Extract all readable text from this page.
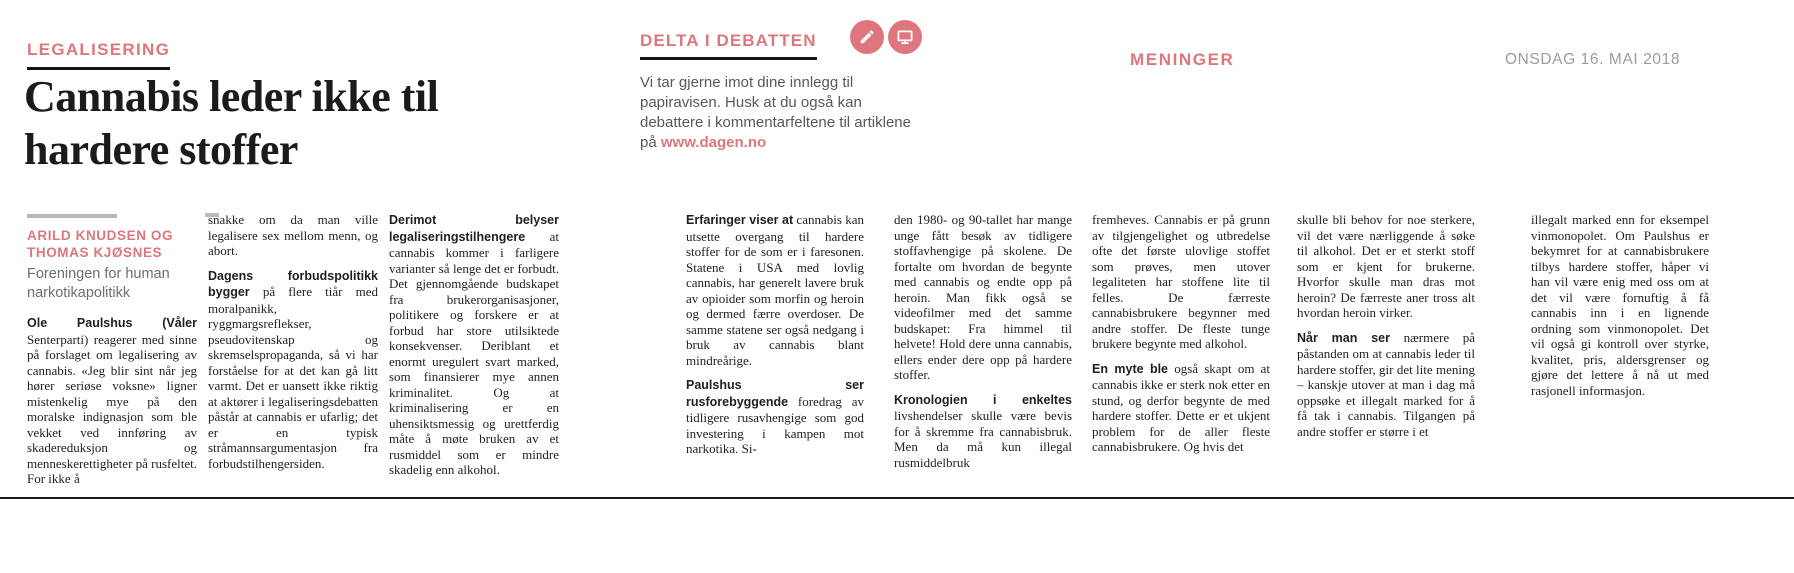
LEGALISERING
Cannabis leder ikke til hardere stoffer
DELTA I DEBATTEN

Vi tar gjerne imot dine innlegg til papiravisen. Husk at du også kan debattere i kommentarfeltene til artiklene på www.dagen.no

MENINGER	ONSDAG 16. MAI 2018
ARILD KNUDSEN OG THOMAS KJØSNES
Foreningen for human narkotikapolitikk

Ole Paulshus (Våler Senterparti) reagerer med sinne på forslaget om legalisering av cannabis. «Jeg blir sint når jeg hører seriøse voksne» ligner mistenkelig mye på den moralske indignasjon som ble vekket ved innføring av skadereduksjon og menneskerettigheter på rusfeltet. For ikke å

snakke om da man ville legalisere sex mellom menn, og abort.

Dagens forbudspolitikk bygger på flere tiår med moralpanikk, ryggmargsreflekser, pseudovitenskap og skremselspropaganda, så vi har forståelse for at det kan gå litt varmt. Det er uansett ikke riktig at aktører i legaliseringsdebatten påstår at cannabis er ufarlig; det er en typisk stråmannsargumentasjon fra forbudstilhengersiden.

Derimot belyser legaliseringstilhengere at cannabis kommer i farligere varianter så lenge det er forbudt. Det gjennomgående budskapet fra brukerorganisasjoner, politikere og forskere er at forbud har store utilsiktede konsekvenser. Deriblant et enormt uregulert svart marked, som finansierer mye annen kriminalitet. Og at kriminalisering er en uhensiktsmessig og urettferdig måte å møte bruken av et rusmiddel som er mindre skadelig enn alkohol.

Erfaringer viser at cannabis kan utsette overgang til hardere stoffer for de som er i faresonen. Statene i USA med lovlig cannabis, har generelt lavere bruk av opioider som morfin og heroin og dermed færre overdoser. De samme statene ser også nedgang i bruk av cannabis blant mindreårige.

Paulshus ser rusforebyggende foredrag av tidligere rusavhengige som god investering i kampen mot narkotika. Si-

den 1980- og 90-tallet har mange unge fått besøk av tidligere stoffavhengige på skolene. De fortalte om hvordan de begynte med cannabis og endte opp på heroin. Man fikk også se videofilmer med det samme budskapet: Fra himmel til helvete! Hold dere unna cannabis, ellers ender dere opp på hardere stoffer.

Kronologien i enkeltes livshendelser skulle være bevis for å skremme fra cannabisbruk. Men da må kun illegal rusmiddelbruk

fremheves. Cannabis er på grunn av tilgjengelighet og utbredelse ofte det første ulovlige stoffet som prøves, men utover legaliteten har stoffene lite til felles. De færreste cannabisbrukere begynner med andre stoffer. De fleste tunge brukere begynte med alkohol.

En myte ble også skapt om at cannabis ikke er sterk nok etter en stund, og derfor begynte de med hardere stoffer. Dette er et ukjent problem for de aller fleste cannabisbrukere. Og hvis det

skulle bli behov for noe sterkere, vil det være nærliggende å søke til alkohol. Det er et sterkt stoff som er kjent for brukerne. Hvorfor skulle man dras mot heroin? De færreste aner tross alt hvordan heroin virker.

Når man ser nærmere på påstanden om at cannabis leder til hardere stoffer, gir det lite mening – kanskje utover at man i dag må oppsøke et illegalt marked for å få tak i cannabis. Tilgangen på andre stoffer er større i et

illegalt marked enn for eksempel vinmonopolet. Om Paulshus er bekymret for at cannabisbrukere tilbys hardere stoffer, håper vi han vil være enig med oss om at det vil være fornuftig å få cannabis inn i en lignende ordning som vinmonopolet. Det vil også gi kontroll over styrke, kvalitet, pris, aldersgrenser og gjøre det lettere å nå ut med rasjonell informasjon.
